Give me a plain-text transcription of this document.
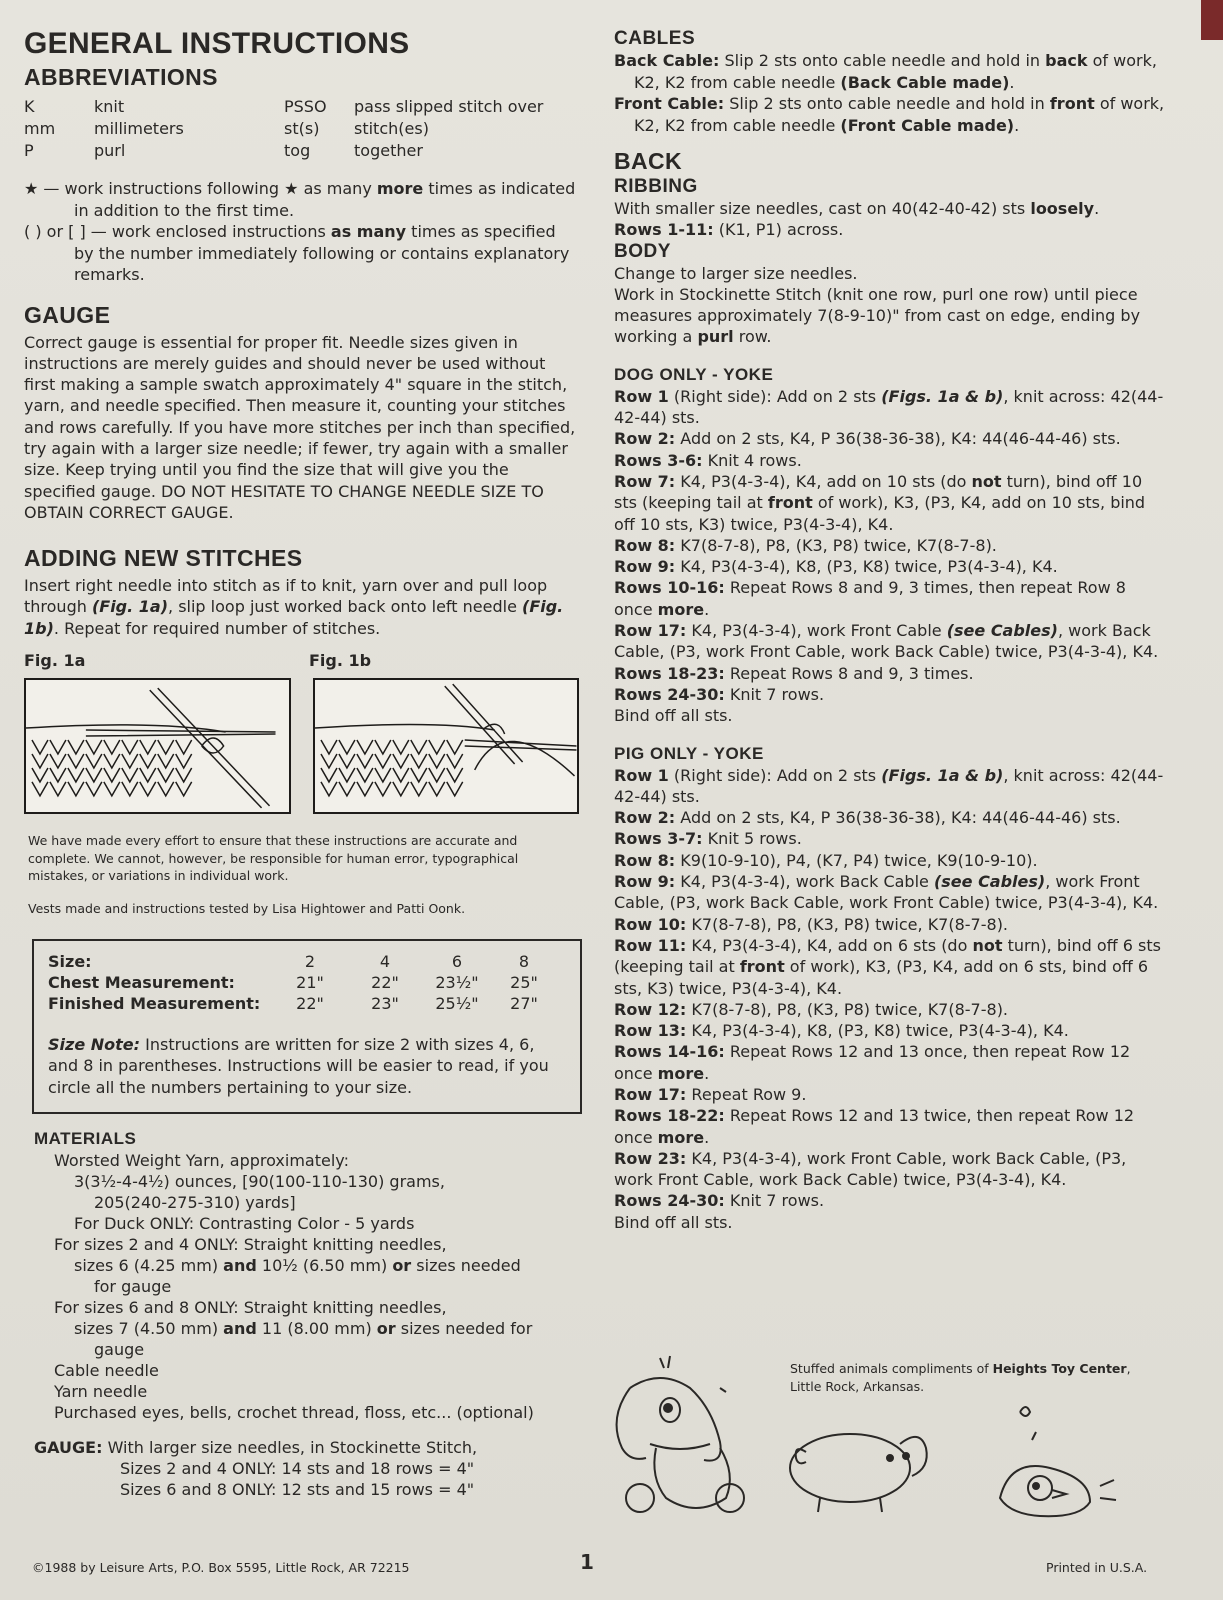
GENERAL INSTRUCTIONS
ABBREVIATIONS
K	knit	PSSO	pass slipped stitch over
mm	millimeters	st(s)	stitch(es)
P	purl	tog	together

★ — work instructions following ★ as many more times as indicated in addition to the first time.

( ) or [ ] — work enclosed instructions as many times as specified by the number immediately following or contains explanatory remarks.

GAUGE

Correct gauge is essential for proper fit. Needle sizes given in instructions are merely guides and should never be used without first making a sample swatch approximately 4" square in the stitch, yarn, and needle specified. Then measure it, counting your stitches and rows carefully. If you have more stitches per inch than specified, try again with a larger size needle; if fewer, try again with a smaller size. Keep trying until you find the size that will give you the specified gauge. DO NOT HESITATE TO CHANGE NEEDLE SIZE TO OBTAIN CORRECT GAUGE.

ADDING NEW STITCHES

Insert right needle into stitch as if to knit, yarn over and pull loop through (Fig. 1a), slip loop just worked back onto left needle (Fig. 1b). Repeat for required number of stitches.

Fig. 1a	Fig. 1b

We have made every effort to ensure that these instructions are accurate and complete. We cannot, however, be responsible for human error, typographical mistakes, or variations in individual work.

Vests made and instructions tested by Lisa Hightower and Patti Oonk.

Size:	2	4	6	8
Chest Measurement:	21"	22"	23½"	25"
Finished Measurement:	22"	23"	25½"	27"

Size Note: Instructions are written for size 2 with sizes 4, 6, and 8 in parentheses. Instructions will be easier to read, if you circle all the numbers pertaining to your size.

MATERIALS

Worsted Weight Yarn, approximately:

3(3½-4-4½) ounces, [90(100-110-130) grams,

205(240-275-310) yards]

For Duck ONLY: Contrasting Color - 5 yards

For sizes 2 and 4 ONLY: Straight knitting needles,

sizes 6 (4.25 mm) and 10½ (6.50 mm) or sizes needed

for gauge

For sizes 6 and 8 ONLY: Straight knitting needles,

sizes 7 (4.50 mm) and 11 (8.00 mm) or sizes needed for

gauge

Cable needle

Yarn needle

Purchased eyes, bells, crochet thread, floss, etc... (optional)

GAUGE: With larger size needles, in Stockinette Stitch,

Sizes 2 and 4 ONLY: 14 sts and 18 rows = 4"

Sizes 6 and 8 ONLY: 12 sts and 15 rows = 4"

CABLES

Back Cable: Slip 2 sts onto cable needle and hold in back of work, K2, K2 from cable needle (Back Cable made).

Front Cable: Slip 2 sts onto cable needle and hold in front of work, K2, K2 from cable needle (Front Cable made).

BACK
RIBBING

With smaller size needles, cast on 40(42-40-42) sts loosely.

Rows 1-11: (K1, P1) across.

BODY

Change to larger size needles.

Work in Stockinette Stitch (knit one row, purl one row) until piece measures approximately 7(8-9-10)" from cast on edge, ending by working a purl row.

DOG ONLY - YOKE

Row 1 (Right side): Add on 2 sts (Figs. 1a & b), knit across: 42(44-42-44) sts.

Row 2: Add on 2 sts, K4, P 36(38-36-38), K4: 44(46-44-46) sts.

Rows 3-6: Knit 4 rows.

Row 7: K4, P3(4-3-4), K4, add on 10 sts (do not turn), bind off 10 sts (keeping tail at front of work), K3, (P3, K4, add on 10 sts, bind off 10 sts, K3) twice, P3(4-3-4), K4.

Row 8: K7(8-7-8), P8, (K3, P8) twice, K7(8-7-8).

Row 9: K4, P3(4-3-4), K8, (P3, K8) twice, P3(4-3-4), K4.

Rows 10-16: Repeat Rows 8 and 9, 3 times, then repeat Row 8 once more.

Row 17: K4, P3(4-3-4), work Front Cable (see Cables), work Back Cable, (P3, work Front Cable, work Back Cable) twice, P3(4-3-4), K4.

Rows 18-23: Repeat Rows 8 and 9, 3 times.

Rows 24-30: Knit 7 rows.

Bind off all sts.

PIG ONLY - YOKE

Row 1 (Right side): Add on 2 sts (Figs. 1a & b), knit across: 42(44-42-44) sts.

Row 2: Add on 2 sts, K4, P 36(38-36-38), K4: 44(46-44-46) sts.

Rows 3-7: Knit 5 rows.

Row 8: K9(10-9-10), P4, (K7, P4) twice, K9(10-9-10).

Row 9: K4, P3(4-3-4), work Back Cable (see Cables), work Front Cable, (P3, work Back Cable, work Front Cable) twice, P3(4-3-4), K4.

Row 10: K7(8-7-8), P8, (K3, P8) twice, K7(8-7-8).

Row 11: K4, P3(4-3-4), K4, add on 6 sts (do not turn), bind off 6 sts (keeping tail at front of work), K3, (P3, K4, add on 6 sts, bind off 6 sts, K3) twice, P3(4-3-4), K4.

Row 12: K7(8-7-8), P8, (K3, P8) twice, K7(8-7-8).

Row 13: K4, P3(4-3-4), K8, (P3, K8) twice, P3(4-3-4), K4.

Rows 14-16: Repeat Rows 12 and 13 once, then repeat Row 12 once more.

Row 17: Repeat Row 9.

Rows 18-22: Repeat Rows 12 and 13 twice, then repeat Row 12 once more.

Row 23: K4, P3(4-3-4), work Front Cable, work Back Cable, (P3, work Front Cable, work Back Cable) twice, P3(4-3-4), K4.

Rows 24-30: Knit 7 rows.

Bind off all sts.

Stuffed animals compliments of Heights Toy Center,
Little Rock, Arkansas.
©1988 by Leisure Arts, P.O. Box 5595, Little Rock, AR 72215	1	Printed in U.S.A.
